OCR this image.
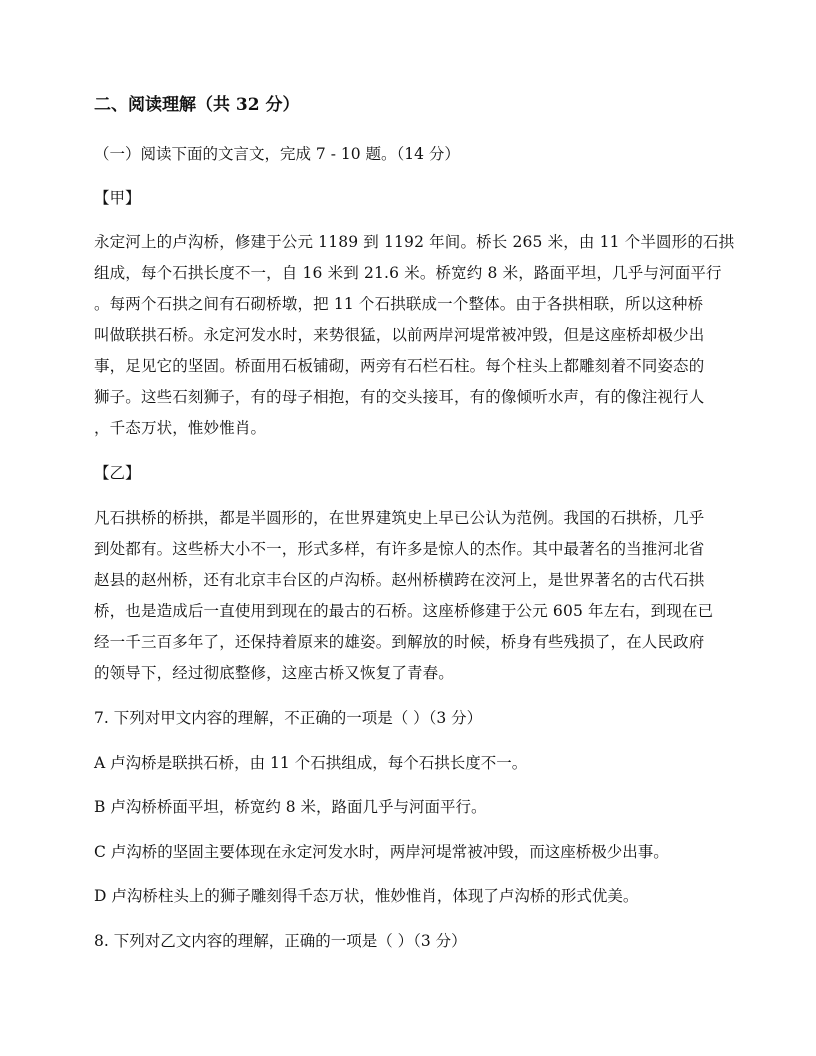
二、阅读理解（共 32 分）
（一）阅读下面的文言文，完成 7 - 10 题。（14 分）
【甲】
永定河上的卢沟桥，修建于公元 1189 到 1192 年间。桥长 265 米，由 11 个半圆形的石拱
组成，每个石拱长度不一，自 16 米到 21.6 米。桥宽约 8 米，路面平坦，几乎与河面平行
。每两个石拱之间有石砌桥墩，把 11 个石拱联成一个整体。由于各拱相联，所以这种桥
叫做联拱石桥。永定河发水时，来势很猛，以前两岸河堤常被冲毁，但是这座桥却极少出
事，足见它的坚固。桥面用石板铺砌，两旁有石栏石柱。每个柱头上都雕刻着不同姿态的
狮子。这些石刻狮子，有的母子相抱，有的交头接耳，有的像倾听水声，有的像注视行人
，千态万状，惟妙惟肖。
【乙】
凡石拱桥的桥拱，都是半圆形的，在世界建筑史上早已公认为范例。我国的石拱桥，几乎
到处都有。这些桥大小不一，形式多样，有许多是惊人的杰作。其中最著名的当推河北省
赵县的赵州桥，还有北京丰台区的卢沟桥。赵州桥横跨在洨河上，是世界著名的古代石拱
桥，也是造成后一直使用到现在的最古的石桥。这座桥修建于公元 605 年左右，到现在已
经一千三百多年了，还保持着原来的雄姿。到解放的时候，桥身有些残损了，在人民政府
的领导下，经过彻底整修，这座古桥又恢复了青春。
7. 下列对甲文内容的理解，不正确的一项是（ ）（3 分）
A 卢沟桥是联拱石桥，由 11 个石拱组成，每个石拱长度不一。
B 卢沟桥桥面平坦，桥宽约 8 米，路面几乎与河面平行。
C 卢沟桥的坚固主要体现在永定河发水时，两岸河堤常被冲毁，而这座桥极少出事。
D 卢沟桥柱头上的狮子雕刻得千态万状，惟妙惟肖，体现了卢沟桥的形式优美。
8. 下列对乙文内容的理解，正确的一项是（ ）（3 分）
